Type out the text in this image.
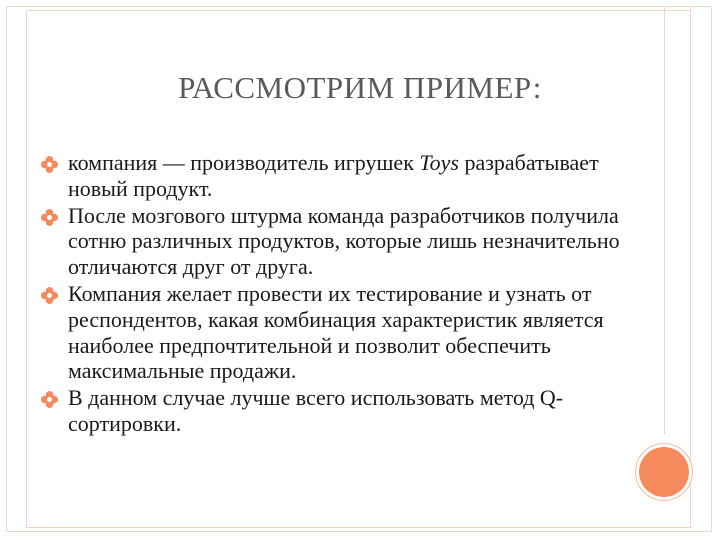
РАССМОТРИМ ПРИМЕР:
компания — производитель игрушек Toys разрабатывает новый продукт.
После мозгового штурма команда разработчиков получила сотню различных продуктов, которые лишь незначительно отличаются друг от друга.
Компания желает провести их тестирование и узнать от респондентов, какая комбинация характеристик является наиболее предпочтительной и позволит обеспечить максимальные продажи.
В данном случае лучше всего использовать метод Q-сортировки.
